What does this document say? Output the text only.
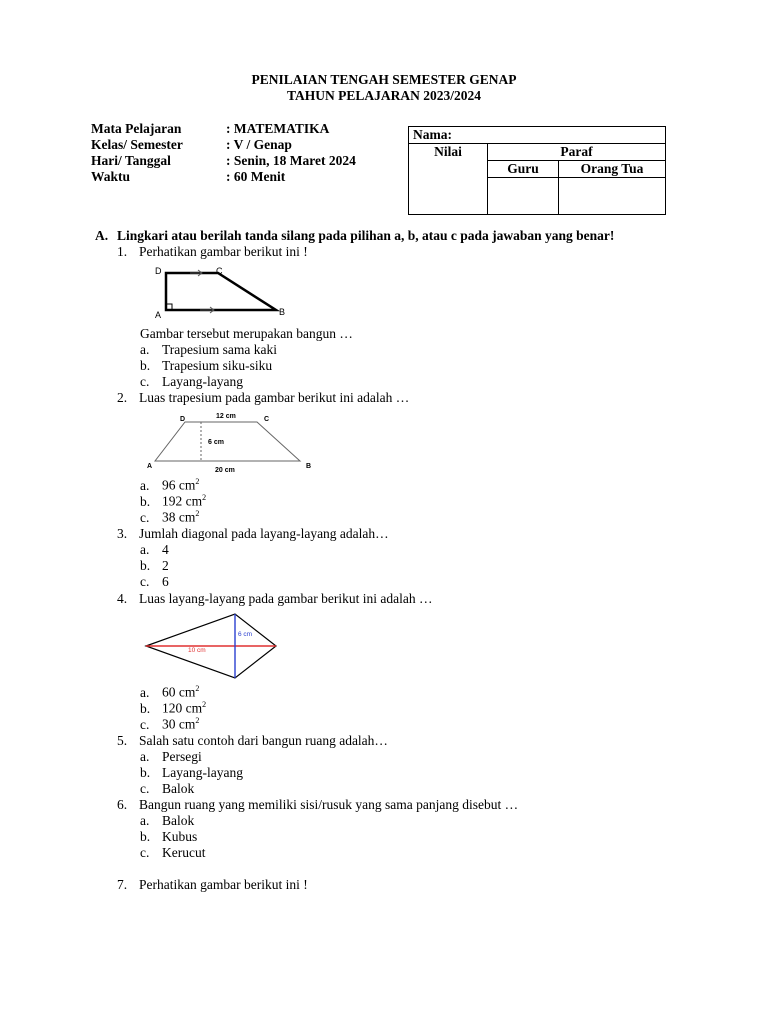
PENILAIAN TENGAH SEMESTER GENAP
TAHUN PELAJARAN 2023/2024
Mata Pelajaran	: MATEMATIKA
Kelas/ Semester	: V / Genap
Hari/ Tanggal	: Senin, 18 Maret 2024
Waktu	: 60 Menit
Nama:		
Nilai	Paraf	
	Guru	Orang Tua

A. Lingkari atau berilah tanda silang pada pilihan a, b, atau c pada jawaban yang benar!
1. Perhatikan gambar berikut ini !
D	C
A	B
Gambar tersebut merupakan bangun …
a. Trapesium sama kaki
b. Trapesium siku-siku
c. Layang-layang
2. Luas trapesium pada gambar berikut ini adalah …
12 cm
6 cm
20 cm
D	C
A	B
a. 96 $cm^2$
b. 192 $cm^2$
c. 38 $cm^2$
3. Jumlah diagonal pada layang-layang adalah…
a. 4
b. 2
c. 6
4. Luas layang-layang pada gambar berikut ini adalah …
6 cm
10 cm
a. 60 $cm^2$
b. 120 $cm^2$
c. 30 $cm^2$
5. Salah satu contoh dari bangun ruang adalah…
a. Persegi
b. Layang-layang
c. Balok
6. Bangun ruang yang memiliki sisi/rusuk yang sama panjang disebut …
a. Balok
b. Kubus
c. Kerucut
7. Perhatikan gambar berikut ini !
